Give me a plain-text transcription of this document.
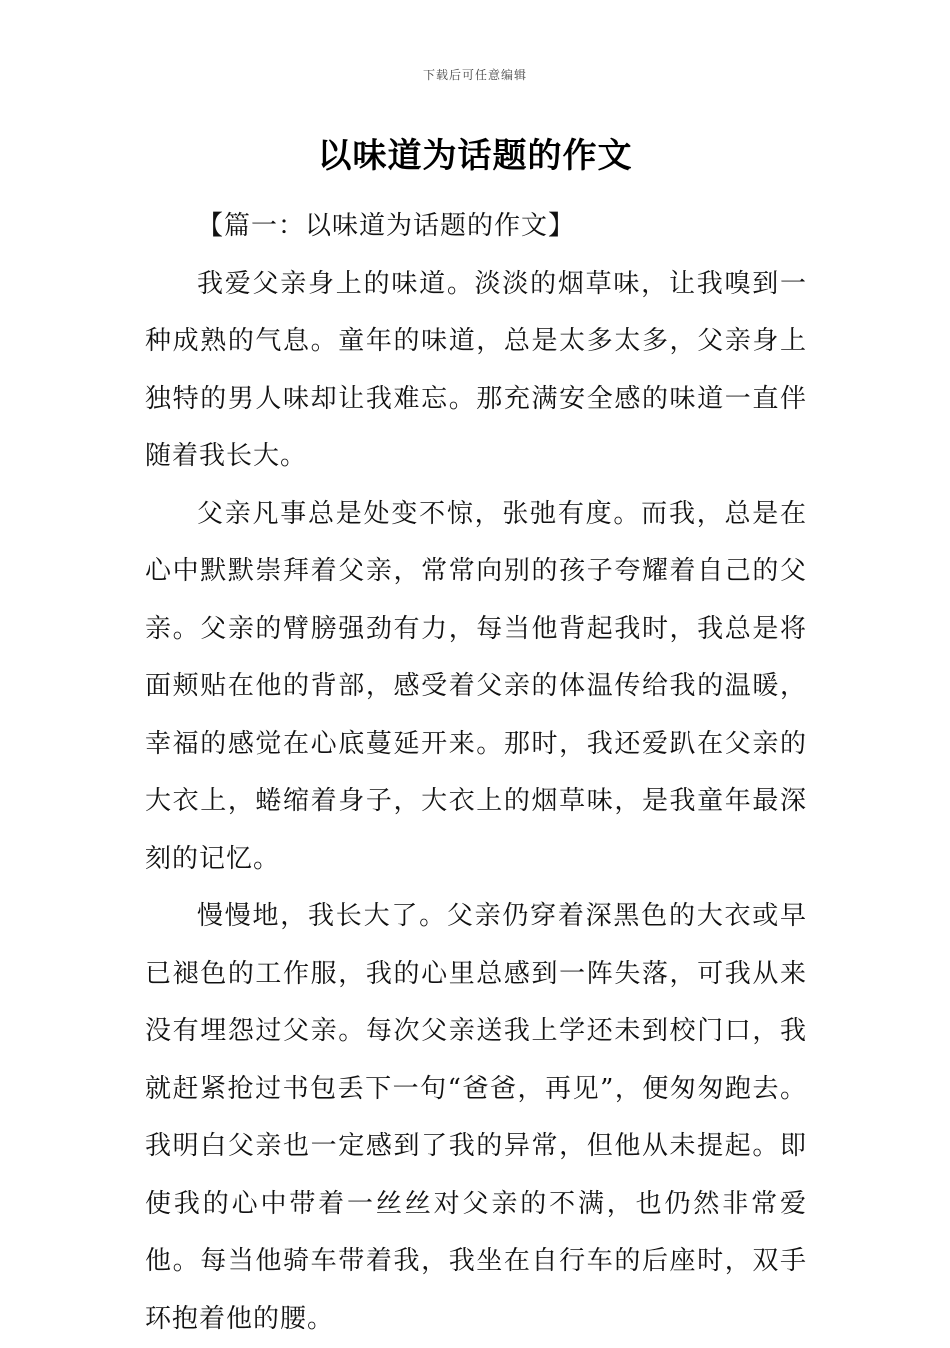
下载后可任意编辑
以味道为话题的作文

【篇一：以味道为话题的作文】

我爱父亲身上的味道。淡淡的烟草味，让我嗅到一种成熟的气息。童年的味道，总是太多太多，父亲身上独特的男人味却让我难忘。那充满安全感的味道一直伴随着我长大。

父亲凡事总是处变不惊，张弛有度。而我，总是在心中默默崇拜着父亲，常常向别的孩子夸耀着自己的父亲。父亲的臂膀强劲有力，每当他背起我时，我总是将面颊贴在他的背部，感受着父亲的体温传给我的温暖，幸福的感觉在心底蔓延开来。那时，我还爱趴在父亲的大衣上，蜷缩着身子，大衣上的烟草味，是我童年最深刻的记忆。

慢慢地，我长大了。父亲仍穿着深黑色的大衣或早已褪色的工作服，我的心里总感到一阵失落，可我从来没有埋怨过父亲。每次父亲送我上学还未到校门口，我就赶紧抢过书包丢下一句“爸爸，再见”，便匆匆跑去。我明白父亲也一定感到了我的异常，但他从未提起。即使我的心中带着一丝丝对父亲的不满，也仍然非常爱他。每当他骑车带着我，我坐在自行车的后座时，双手环抱着他的腰。
